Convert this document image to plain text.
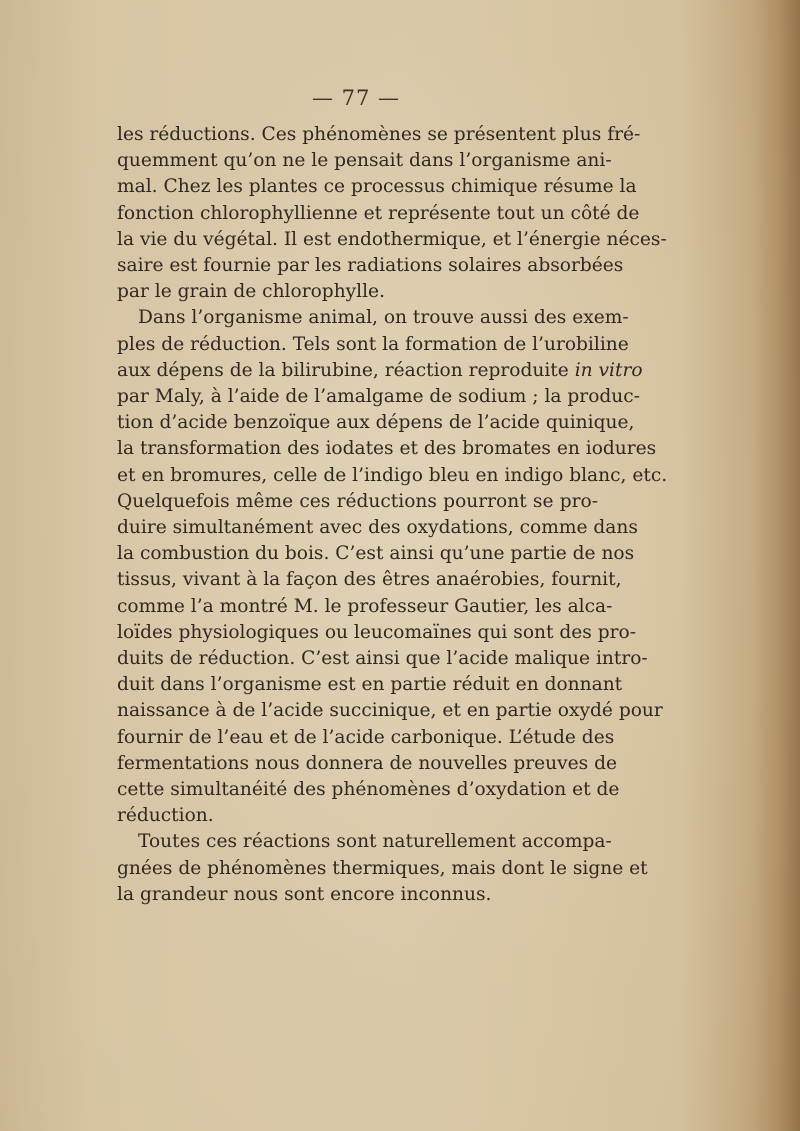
— 77 —

les réductions. Ces phénomènes se présentent plus fré-
quemment qu’on ne le pensait dans l’organisme ani-
mal. Chez les plantes ce processus chimique résume la
fonction chlorophyllienne et représente tout un côté de
la vie du végétal. Il est endothermique, et l’énergie néces-
saire est fournie par les radiations solaires absorbées
par le grain de chlorophylle.

Dans l’organisme animal, on trouve aussi des exem-
ples de réduction. Tels sont la formation de l’urobiline
aux dépens de la bilirubine, réaction reproduite in vitro
par Maly, à l’aide de l’amalgame de sodium ; la produc-
tion d’acide benzoïque aux dépens de l’acide quinique,
la transformation des iodates et des bromates en iodures
et en bromures, celle de l’indigo bleu en indigo blanc, etc.
Quelquefois même ces réductions pourront se pro-
duire simultanément avec des oxydations, comme dans
la combustion du bois. C’est ainsi qu’une partie de nos
tissus, vivant à la façon des êtres anaérobies, fournit,
comme l’a montré M. le professeur Gautier, les alca-
loïdes physiologiques ou leucomaïnes qui sont des pro-
duits de réduction. C’est ainsi que l’acide malique intro-
duit dans l’organisme est en partie réduit en donnant
naissance à de l’acide succinique, et en partie oxydé pour
fournir de l’eau et de l’acide carbonique. L’étude des
fermentations nous donnera de nouvelles preuves de
cette simultanéité des phénomènes d’oxydation et de
réduction.

Toutes ces réactions sont naturellement accompa-
gnées de phénomènes thermiques, mais dont le signe et
la grandeur nous sont encore inconnus.
